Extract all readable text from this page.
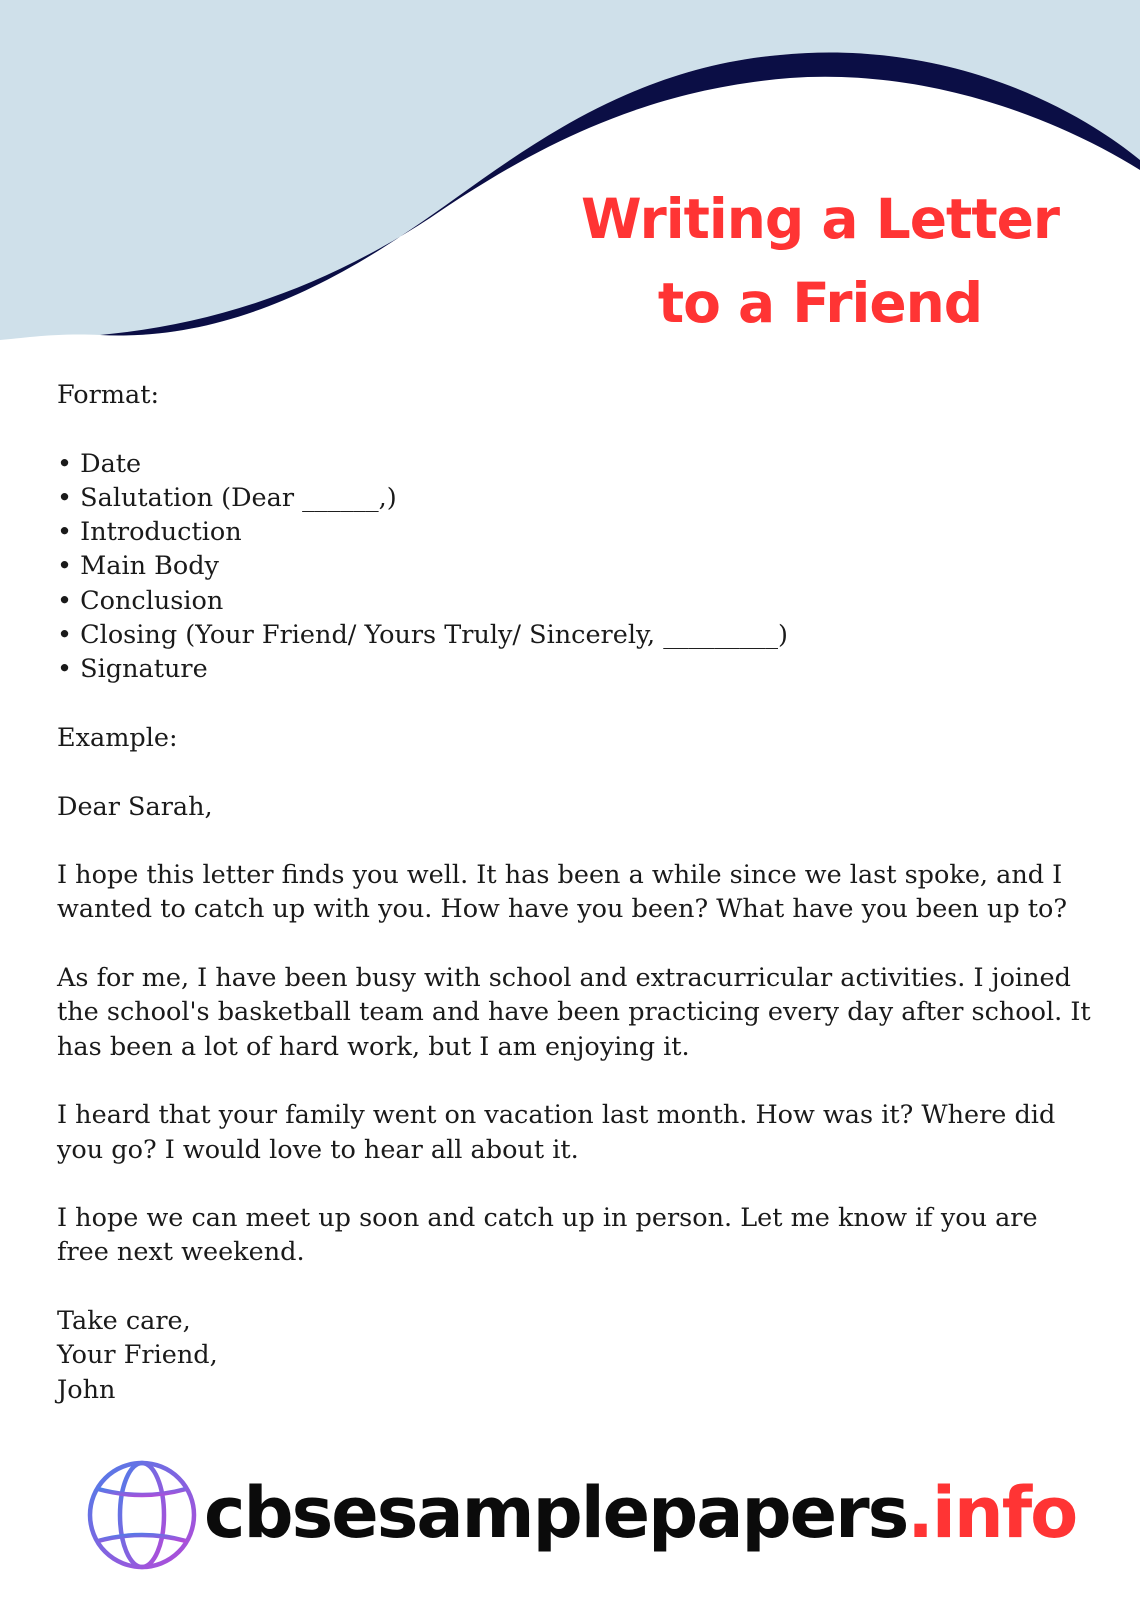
Writing a Letter
to a Friend

Format:

• Date
• Salutation (Dear ______,)
• Introduction
• Main Body
• Conclusion
• Closing (Your Friend/ Yours Truly/ Sincerely, _________)
• Signature

Example:

Dear Sarah,

I hope this letter finds you well. It has been a while since we last spoke, and I wanted to catch up with you. How have you been? What have you been up to?

As for me, I have been busy with school and extracurricular activities. I joined the school's basketball team and have been practicing every day after school. It has been a lot of hard work, but I am enjoying it.

I heard that your family went on vacation last month. How was it? Where did you go? I would love to hear all about it.

I hope we can meet up soon and catch up in person. Let me know if you are free next weekend.

Take care,

Your Friend,

John

cbsesamplepapers.info
